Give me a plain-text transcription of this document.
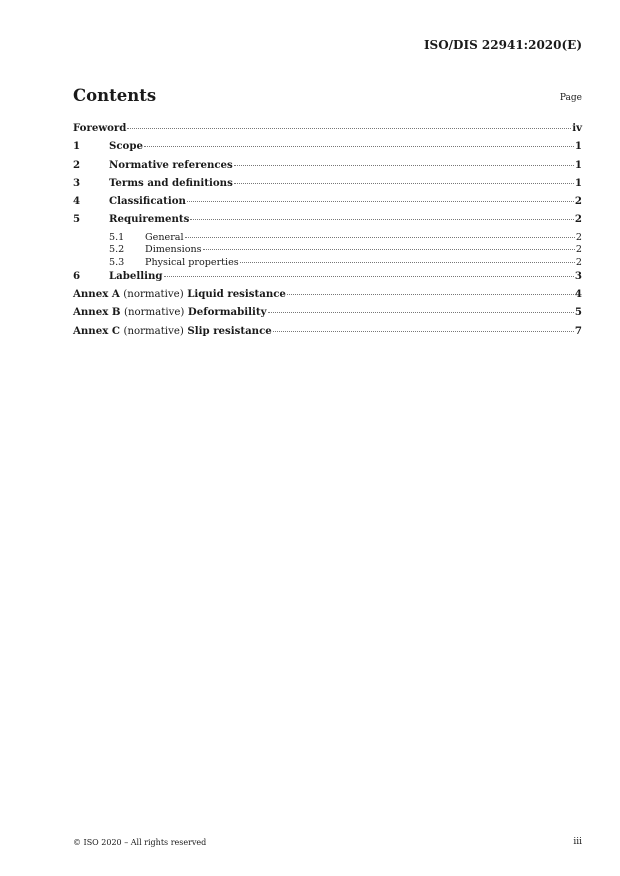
ISO/DIS 22941:2020(E)
Contents	Page
Foreword	iv
1	Scope	1
2	Normative references	1
3	Terms and definitions	1
4	Classification	2
5	Requirements	2
5.1	General	2
5.2	Dimensions	2
5.3	Physical properties	2
6	Labelling	3
Annex A (normative) Liquid resistance	4
Annex B (normative) Deformability	5
Annex C (normative) Slip resistance	7
© ISO 2020 – All rights reserved	iii
